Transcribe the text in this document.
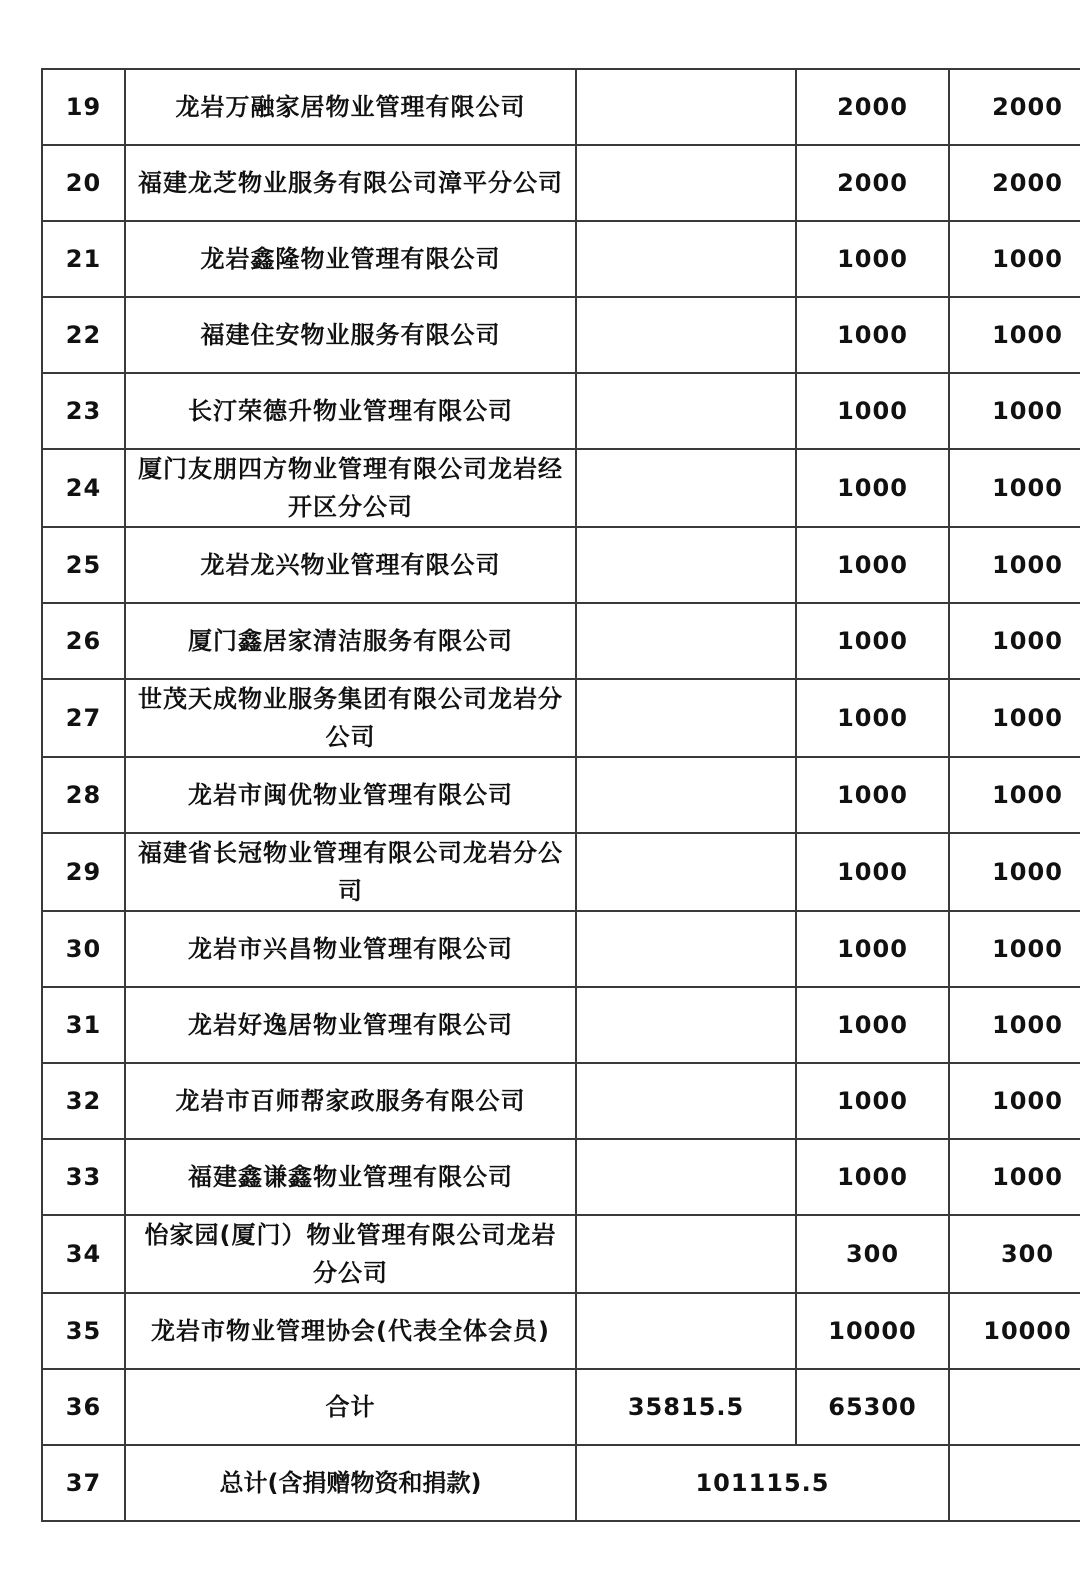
19	龙岩万融家居物业管理有限公司		2000	2000
20	福建龙芝物业服务有限公司漳平分公司		2000	2000
21	龙岩鑫隆物业管理有限公司		1000	1000
22	福建住安物业服务有限公司		1000	1000
23	长汀荣德升物业管理有限公司		1000	1000
24	厦门友朋四方物业管理有限公司龙岩经开区分公司		1000	1000
25	龙岩龙兴物业管理有限公司		1000	1000
26	厦门鑫居家清洁服务有限公司		1000	1000
27	世茂天成物业服务集团有限公司龙岩分公司		1000	1000
28	龙岩市闽优物业管理有限公司		1000	1000
29	福建省长冠物业管理有限公司龙岩分公司		1000	1000
30	龙岩市兴昌物业管理有限公司		1000	1000
31	龙岩好逸居物业管理有限公司		1000	1000
32	龙岩市百师帮家政服务有限公司		1000	1000
33	福建鑫谦鑫物业管理有限公司		1000	1000
34	怡家园(厦门）物业管理有限公司龙岩分公司		300	300
35	龙岩市物业管理协会(代表全体会员)		10000	10000
36	合计	35815.5	65300	
37	总计(含捐赠物资和捐款)	101115.5		
